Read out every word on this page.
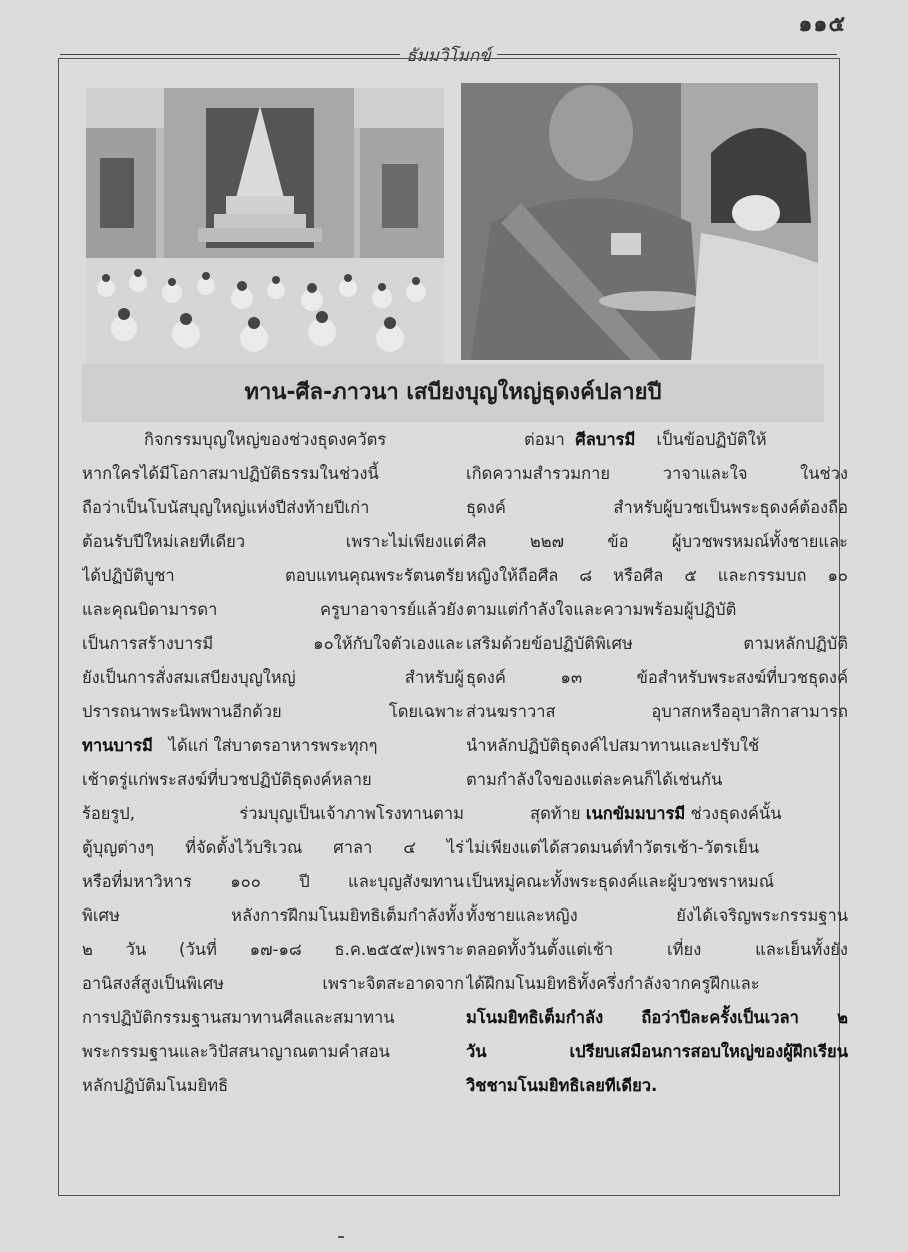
๑๑๕
ธัมมวิโมกข์
ทาน-ศีล-ภาวนา เสบียงบุญใหญ่ธุดงค์ปลายปี
กิจกรรมบุญใหญ่ของช่วงธุดงควัตร
หากใครได้มีโอกาสมาปฏิบัติธรรมในช่วงนี้
ถือว่าเป็นโบนัสบุญใหญ่แห่งปีส่งท้ายปีเก่า
ต้อนรับปีใหม่เลยทีเดียว เพราะไม่เพียงแต่
ได้ปฏิบัติบูชา ตอบแทนคุณพระรัตนตรัย
และคุณบิดามารดา ครูบาอาจารย์แล้วยัง
เป็นการสร้างบารมี ๑๐ให้กับใจตัวเองและ
ยังเป็นการสั่งสมเสบียงบุญใหญ่ สำหรับผู้
ปรารถนาพระนิพพานอีกด้วย โดยเฉพาะ
ทานบารมี ได้แก่ ใส่บาตรอาหารพระทุกๆ
เช้าตรู่แก่พระสงฆ์ที่บวชปฏิบัติธุดงค์หลาย
ร้อยรูป, ร่วมบุญเป็นเจ้าภาพโรงทานตาม
ตู้บุญต่างๆ ที่จัดตั้งไว้บริเวณ ศาลา ๔ ไร่
หรือที่มหาวิหาร ๑๐๐ ปี และบุญสังฆทาน
พิเศษ หลังการฝึกมโนมยิทธิเต็มกำลังทั้ง
๒ วัน (วันที่ ๑๗-๑๘ ธ.ค.๒๕๕๙)เพราะ
อานิสงส์สูงเป็นพิเศษ เพราะจิตสะอาดจาก
การปฏิบัติกรรมฐานสมาทานศีลและสมาทาน
พระกรรมฐานและวิปัสสนาญาณตามคำสอน
หลักปฏิบัติมโนมยิทธิ
ต่อมา ศีลบารมี เป็นข้อปฏิบัติให้
เกิดความสำรวมกาย วาจาและใจ ในช่วง
ธุดงค์ สำหรับผู้บวชเป็นพระธุดงค์ต้องถือ
ศีล ๒๒๗ ข้อ ผู้บวชพรหมณ์ทั้งชายและ
หญิงให้ถือศีล ๘ หรือศีล ๕ และกรรมบถ ๑๐
ตามแต่กำลังใจและความพร้อมผู้ปฏิบัติ
เสริมด้วยข้อปฏิบัติพิเศษ ตามหลักปฏิบัติ
ธุดงค์ ๑๓ ข้อสำหรับพระสงฆ์ที่บวชธุดงค์
ส่วนฆราวาส อุบาสกหรืออุบาสิกาสามารถ
นำหลักปฏิบัติธุดงค์ไปสมาทานและปรับใช้
ตามกำลังใจของแต่ละคนก็ได้เช่นกัน
สุดท้าย เนกขัมมบารมี ช่วงธุดงค์นั้น
ไม่เพียงแต่ได้สวดมนต์ทำวัตรเช้า-วัตรเย็น
เป็นหมู่คณะทั้งพระธุดงค์และผู้บวชพราหมณ์
ทั้งชายและหญิง ยังได้เจริญพระกรรมฐาน
ตลอดทั้งวันตั้งแต่เช้า เที่ยง และเย็นทั้งยัง
ได้ฝึกมโนมยิทธิทั้งครึ่งกำลังจากครูฝึกและ
มโนมยิทธิเต็มกำลัง ถือว่าปีละครั้งเป็นเวลา ๒
วัน เปรียบเสมือนการสอบใหญ่ของผู้ฝึกเรียน
วิชชามโนมยิทธิเลยทีเดียว.
